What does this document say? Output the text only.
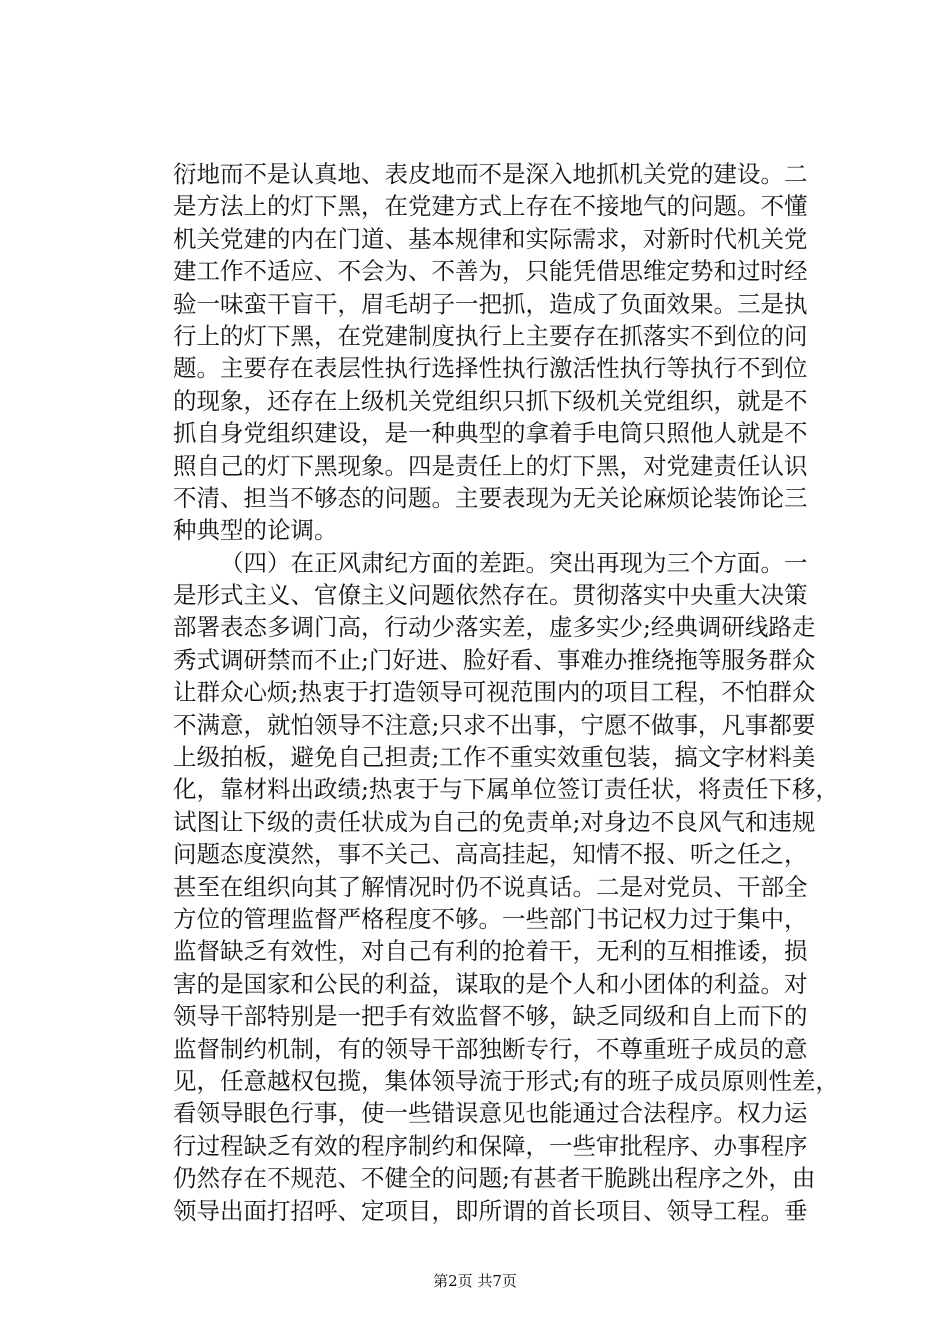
衍地而不是认真地、表皮地而不是深入地抓机关党的建设。二
是方法上的灯下黑，在党建方式上存在不接地气的问题。不懂
机关党建的内在门道、基本规律和实际需求，对新时代机关党
建工作不适应、不会为、不善为，只能凭借思维定势和过时经
验一味蛮干盲干，眉毛胡子一把抓，造成了负面效果。三是执
行上的灯下黑，在党建制度执行上主要存在抓落实不到位的问
题。主要存在表层性执行选择性执行激活性执行等执行不到位
的现象，还存在上级机关党组织只抓下级机关党组织，就是不
抓自身党组织建设，是一种典型的拿着手电筒只照他人就是不
照自己的灯下黑现象。四是责任上的灯下黑，对党建责任认识
不清、担当不够态的问题。主要表现为无关论麻烦论装饰论三
种典型的论调。
（四）在正风肃纪方面的差距。突出再现为三个方面。一
是形式主义、官僚主义问题依然存在。贯彻落实中央重大决策
部署表态多调门高，行动少落实差，虚多实少;经典调研线路走
秀式调研禁而不止;门好进、脸好看、事难办推绕拖等服务群众
让群众心烦;热衷于打造领导可视范围内的项目工程，不怕群众
不满意，就怕领导不注意;只求不出事，宁愿不做事，凡事都要
上级拍板，避免自己担责;工作不重实效重包装，搞文字材料美
化，靠材料出政绩;热衷于与下属单位签订责任状，将责任下移，
试图让下级的责任状成为自己的免责单;对身边不良风气和违规
问题态度漠然，事不关己、高高挂起，知情不报、听之任之，
甚至在组织向其了解情况时仍不说真话。二是对党员、干部全
方位的管理监督严格程度不够。一些部门书记权力过于集中，
监督缺乏有效性，对自己有利的抢着干，无利的互相推诿，损
害的是国家和公民的利益，谋取的是个人和小团体的利益。对
领导干部特别是一把手有效监督不够，缺乏同级和自上而下的
监督制约机制，有的领导干部独断专行，不尊重班子成员的意
见，任意越权包揽，集体领导流于形式;有的班子成员原则性差，
看领导眼色行事，使一些错误意见也能通过合法程序。权力运
行过程缺乏有效的程序制约和保障，一些审批程序、办事程序
仍然存在不规范、不健全的问题;有甚者干脆跳出程序之外，由
领导出面打招呼、定项目，即所谓的首长项目、领导工程。垂
第2页 共7页
